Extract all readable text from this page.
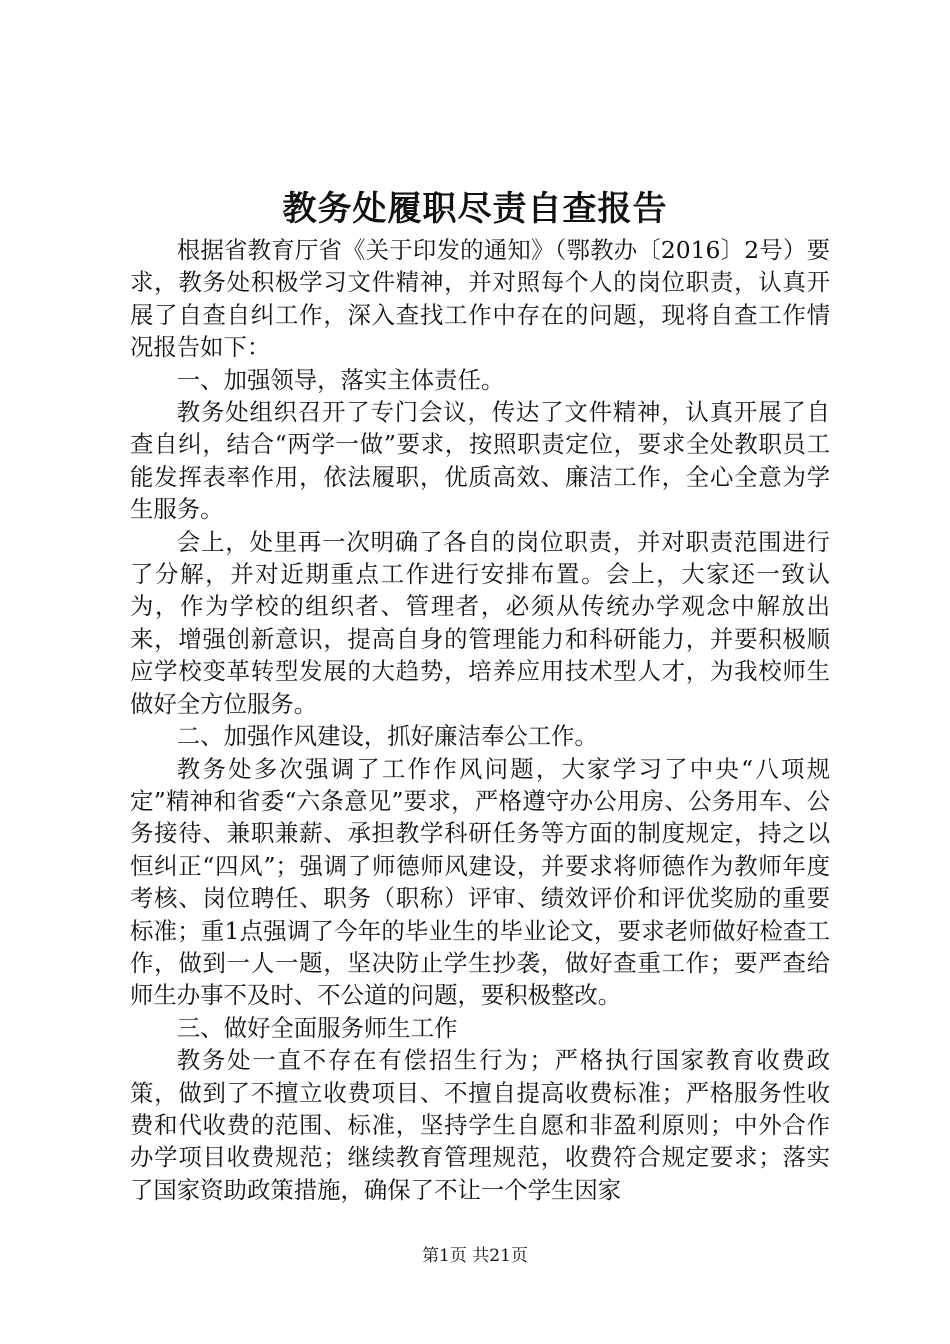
教务处履职尽责自查报告

根据省教育厅省《关于印发的通知》（鄂教办〔2016〕2号）要求，教务处积极学习文件精神，并对照每个人的岗位职责，认真开展了自查自纠工作，深入查找工作中存在的问题，现将自查工作情况报告如下：

一、加强领导，落实主体责任。

教务处组织召开了专门会议，传达了文件精神，认真开展了自查自纠，结合“两学一做”要求，按照职责定位，要求全处教职员工能发挥表率作用，依法履职，优质高效、廉洁工作，全心全意为学生服务。

会上，处里再一次明确了各自的岗位职责，并对职责范围进行了分解，并对近期重点工作进行安排布置。会上，大家还一致认为，作为学校的组织者、管理者，必须从传统办学观念中解放出来，增强创新意识，提高自身的管理能力和科研能力，并要积极顺应学校变革转型发展的大趋势，培养应用技术型人才，为我校师生做好全方位服务。

二、加强作风建设，抓好廉洁奉公工作。

教务处多次强调了工作作风问题，大家学习了中央“八项规定”精神和省委“六条意见”要求，严格遵守办公用房、公务用车、公务接待、兼职兼薪、承担教学科研任务等方面的制度规定，持之以恒纠正“四风”；强调了师德师风建设，并要求将师德作为教师年度考核、岗位聘任、职务（职称）评审、绩效评价和评优奖励的重要标准；重1点强调了今年的毕业生的毕业论文，要求老师做好检查工作，做到一人一题，坚决防止学生抄袭，做好查重工作；要严查给师生办事不及时、不公道的问题，要积极整改。

三、做好全面服务师生工作

教务处一直不存在有偿招生行为；严格执行国家教育收费政策，做到了不擅立收费项目、不擅自提高收费标准；严格服务性收费和代收费的范围、标准，坚持学生自愿和非盈利原则；中外合作办学项目收费规范；继续教育管理规范，收费符合规定要求；落实了国家资助政策措施，确保了不让一个学生因家

第1页 共21页
